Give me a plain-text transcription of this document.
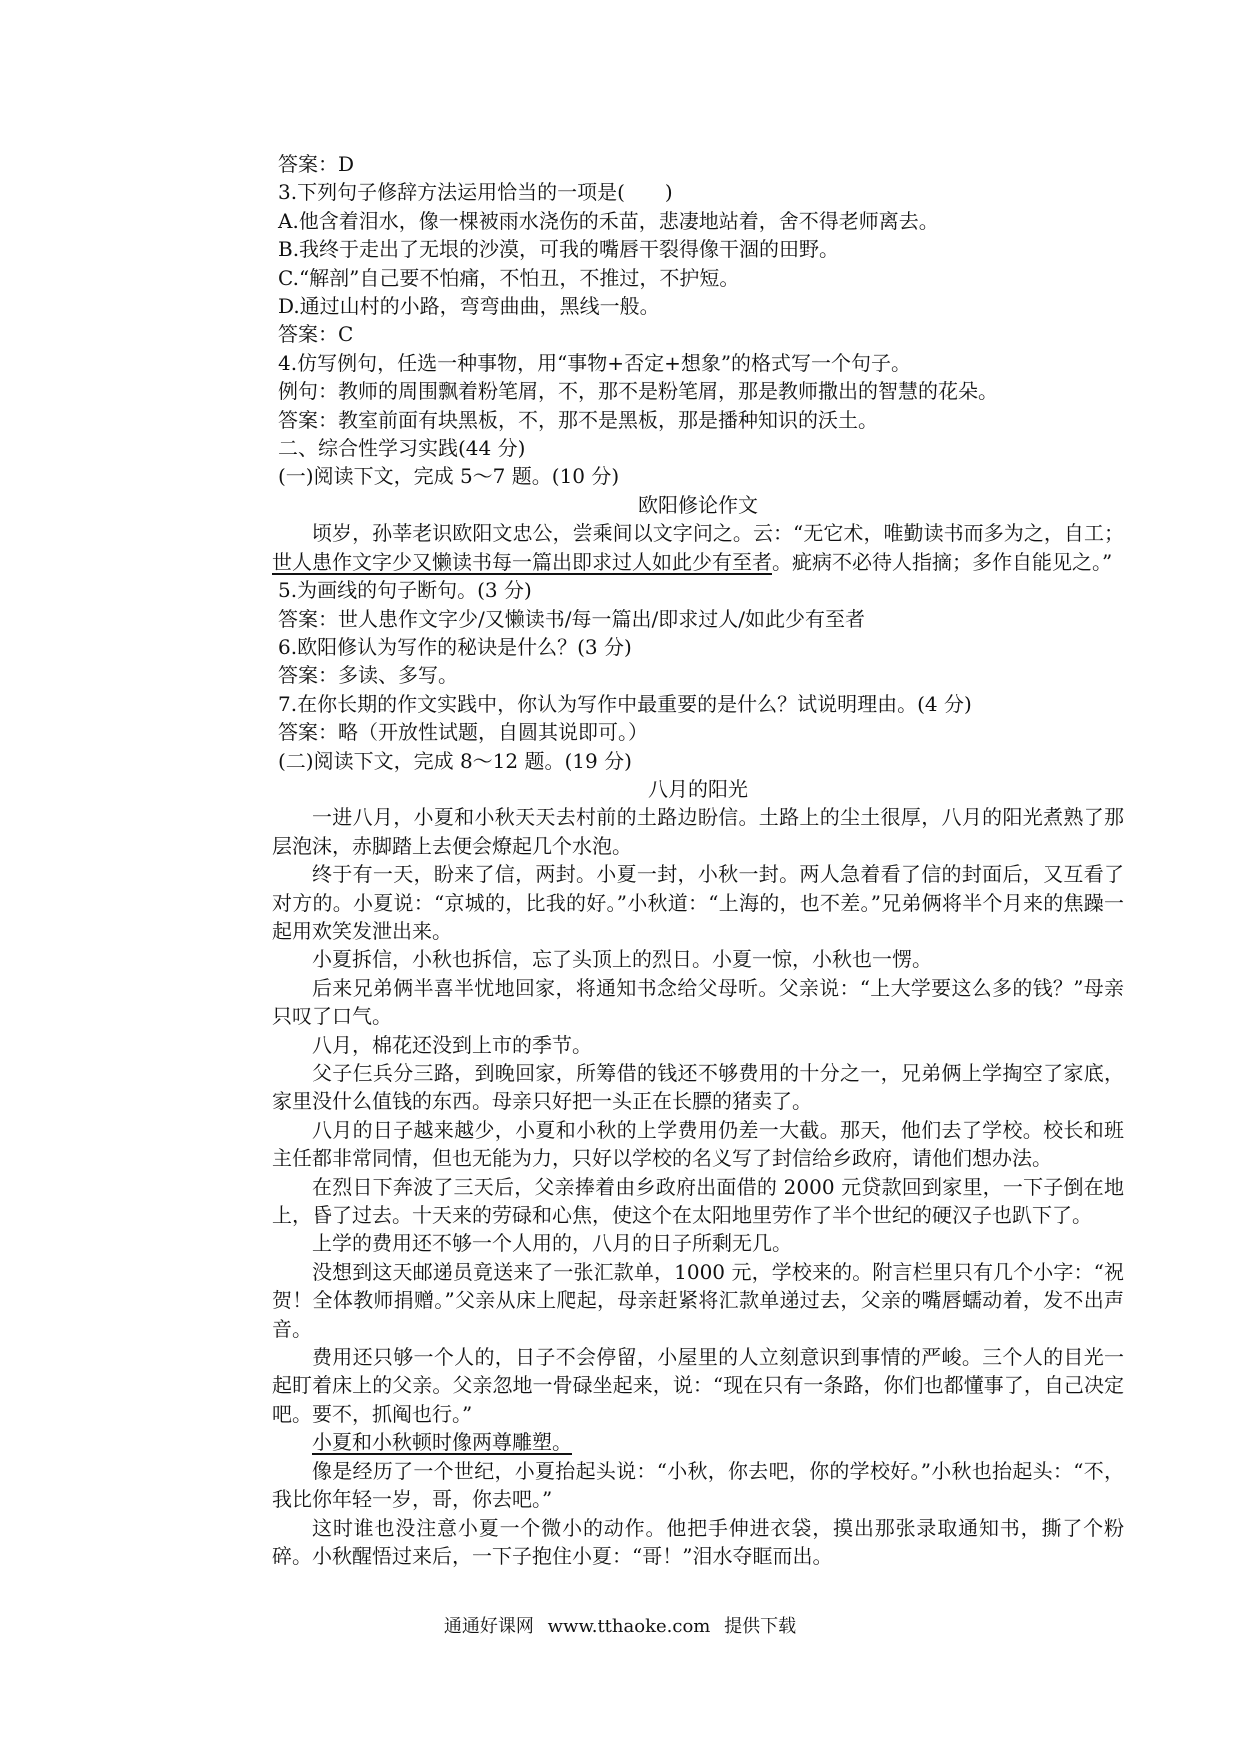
答案：D

3.下列句子修辞方法运用恰当的一项是(　　)

A.他含着泪水，像一棵被雨水浇伤的禾苗，悲凄地站着，舍不得老师离去。

B.我终于走出了无垠的沙漠，可我的嘴唇干裂得像干涸的田野。

C.“解剖”自己要不怕痛，不怕丑，不推过，不护短。

D.通过山村的小路，弯弯曲曲，黑线一般。

答案：C

4.仿写例句，任选一种事物，用“事物+否定+想象”的格式写一个句子。

例句：教师的周围飘着粉笔屑，不，那不是粉笔屑，那是教师撒出的智慧的花朵。

答案：教室前面有块黑板，不，那不是黑板，那是播种知识的沃土。

二、综合性学习实践(44 分)

(一)阅读下文，完成 5～7 题。(10 分)

欧阳修论作文

顷岁，孙莘老识欧阳文忠公，尝乘间以文字问之。云：“无它术，唯勤读书而多为之，自工；世人患作文字少又懒读书每一篇出即求过人如此少有至者。疵病不必待人指摘；多作自能见之。”

5.为画线的句子断句。(3 分)

答案：世人患作文字少/又懒读书/每一篇出/即求过人/如此少有至者

6.欧阳修认为写作的秘诀是什么？(3 分)

答案：多读、多写。

7.在你长期的作文实践中，你认为写作中最重要的是什么？试说明理由。(4 分)

答案：略（开放性试题，自圆其说即可。）

(二)阅读下文，完成 8～12 题。(19 分)

八月的阳光

一进八月，小夏和小秋天天去村前的土路边盼信。土路上的尘土很厚，八月的阳光煮熟了那层泡沫，赤脚踏上去便会燎起几个水泡。

终于有一天，盼来了信，两封。小夏一封，小秋一封。两人急着看了信的封面后，又互看了对方的。小夏说：“京城的，比我的好。”小秋道：“上海的，也不差。”兄弟俩将半个月来的焦躁一起用欢笑发泄出来。

小夏拆信，小秋也拆信，忘了头顶上的烈日。小夏一惊，小秋也一愣。

后来兄弟俩半喜半忧地回家，将通知书念给父母听。父亲说：“上大学要这么多的钱？”母亲只叹了口气。

八月，棉花还没到上市的季节。

父子仨兵分三路，到晚回家，所筹借的钱还不够费用的十分之一，兄弟俩上学掏空了家底，家里没什么值钱的东西。母亲只好把一头正在长膘的猪卖了。

八月的日子越来越少，小夏和小秋的上学费用仍差一大截。那天，他们去了学校。校长和班主任都非常同情，但也无能为力，只好以学校的名义写了封信给乡政府，请他们想办法。

在烈日下奔波了三天后，父亲捧着由乡政府出面借的 2000 元贷款回到家里，一下子倒在地上，昏了过去。十天来的劳碌和心焦，使这个在太阳地里劳作了半个世纪的硬汉子也趴下了。

上学的费用还不够一个人用的，八月的日子所剩无几。

没想到这天邮递员竟送来了一张汇款单，1000 元，学校来的。附言栏里只有几个小字：“祝贺！全体教师捐赠。”父亲从床上爬起，母亲赶紧将汇款单递过去，父亲的嘴唇蠕动着，发不出声音。

费用还只够一个人的，日子不会停留，小屋里的人立刻意识到事情的严峻。三个人的目光一起盯着床上的父亲。父亲忽地一骨碌坐起来，说：“现在只有一条路，你们也都懂事了，自己决定吧。要不，抓阄也行。”

小夏和小秋顿时像两尊雕塑。

像是经历了一个世纪，小夏抬起头说：“小秋，你去吧，你的学校好。”小秋也抬起头：“不，我比你年轻一岁，哥，你去吧。”

这时谁也没注意小夏一个微小的动作。他把手伸进衣袋，摸出那张录取通知书，撕了个粉碎。小秋醒悟过来后，一下子抱住小夏：“哥！”泪水夺眶而出。

通通好课网 www.tthaoke.com 提供下载
